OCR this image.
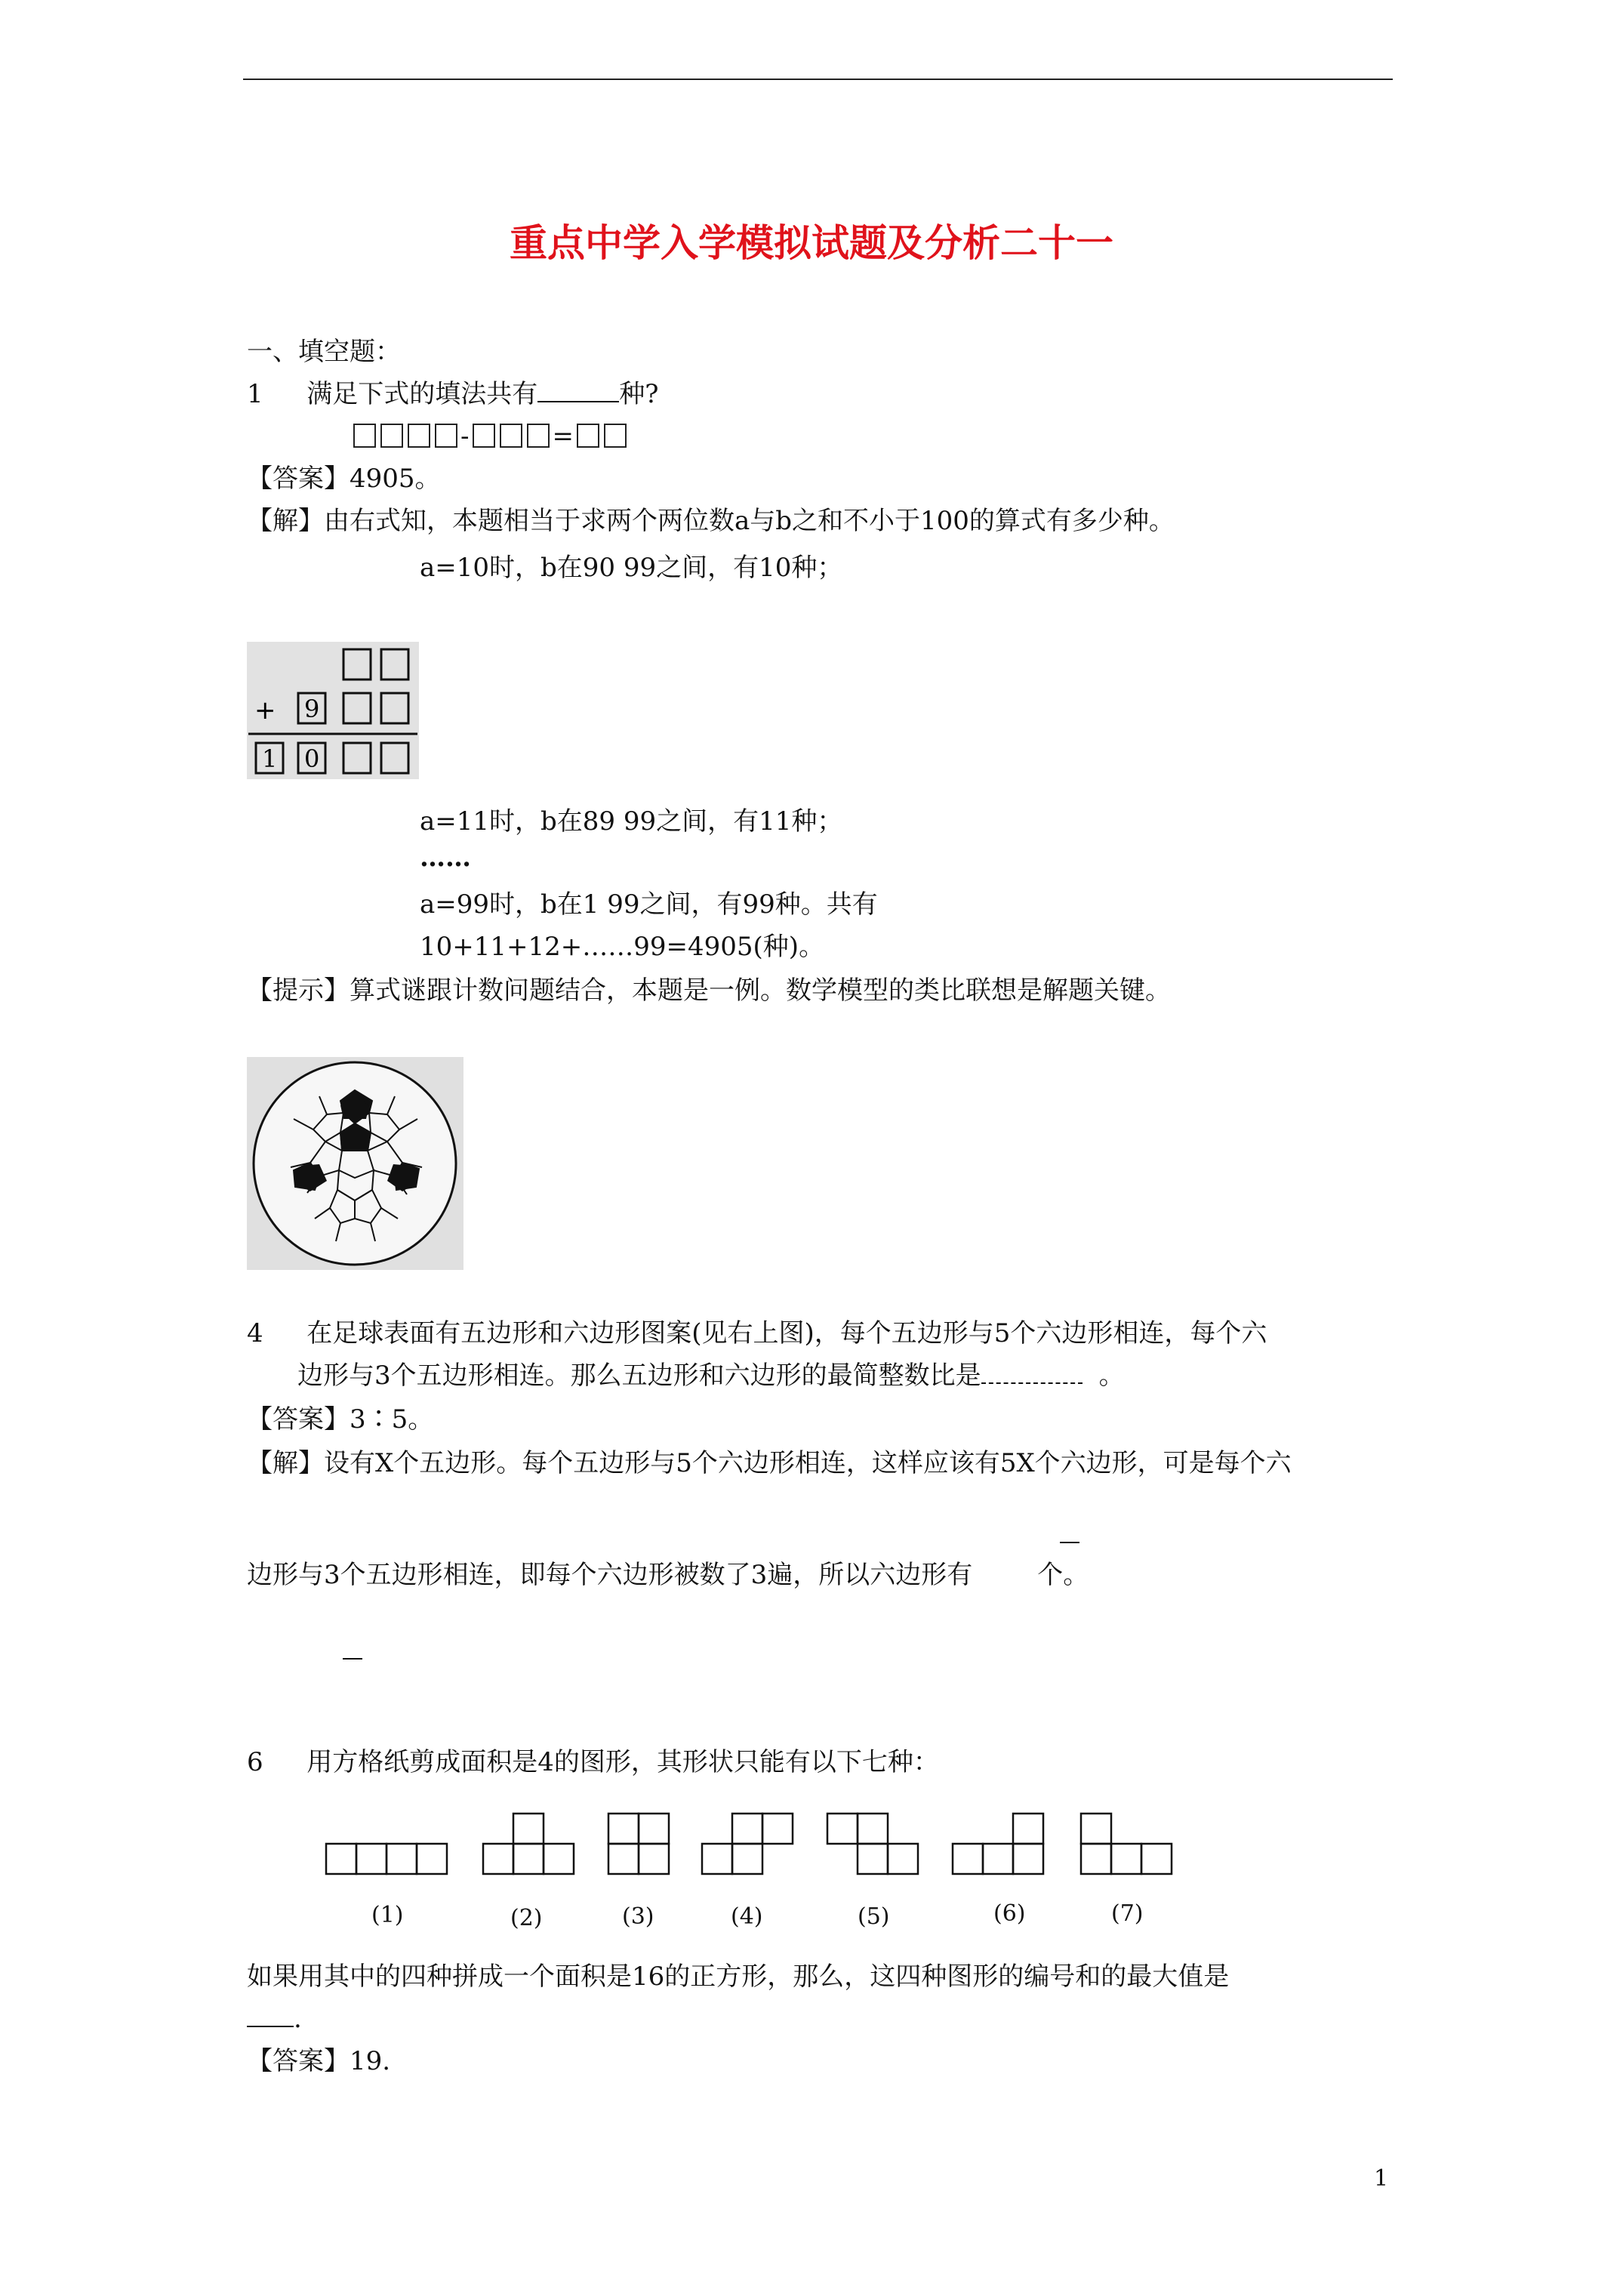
重点中学入学模拟试题及分析二十一
一、填空题：
1 满足下式的填法共有	种?
-	=
【答案】4905。
【解】由右式知，本题相当于求两个两位数a与b之和不小于100的算式有多少种。
a=10时，b在90 99之间，有10种；
+ 9
1 0
a=11时，b在89 99之间，有11种；
……
a=99时，b在1 99之间，有99种。共有
10+11+12+……99=4905(种)。
【提示】算式谜跟计数问题结合，本题是一例。数学模型的类比联想是解题关键。
4 在足球表面有五边形和六边形图案(见右上图)，每个五边形与5个六边形相连，每个六
边形与3个五边形相连。那么五边形和六边形的最简整数比是	。
【答案】3∶5。
【解】设有X个五边形。每个五边形与5个六边形相连，这样应该有5X个六边形，可是每个六
边形与3个五边形相连，即每个六边形被数了3遍，所以六边形有	个。
6 用方格纸剪成面积是4的图形，其形状只能有以下七种：
(1)	(2)	(3)	(4)	(5)	(6)	(7)
如果用其中的四种拼成一个面积是16的正方形，那么，这四种图形的编号和的最大值是
.
【答案】19.
1
